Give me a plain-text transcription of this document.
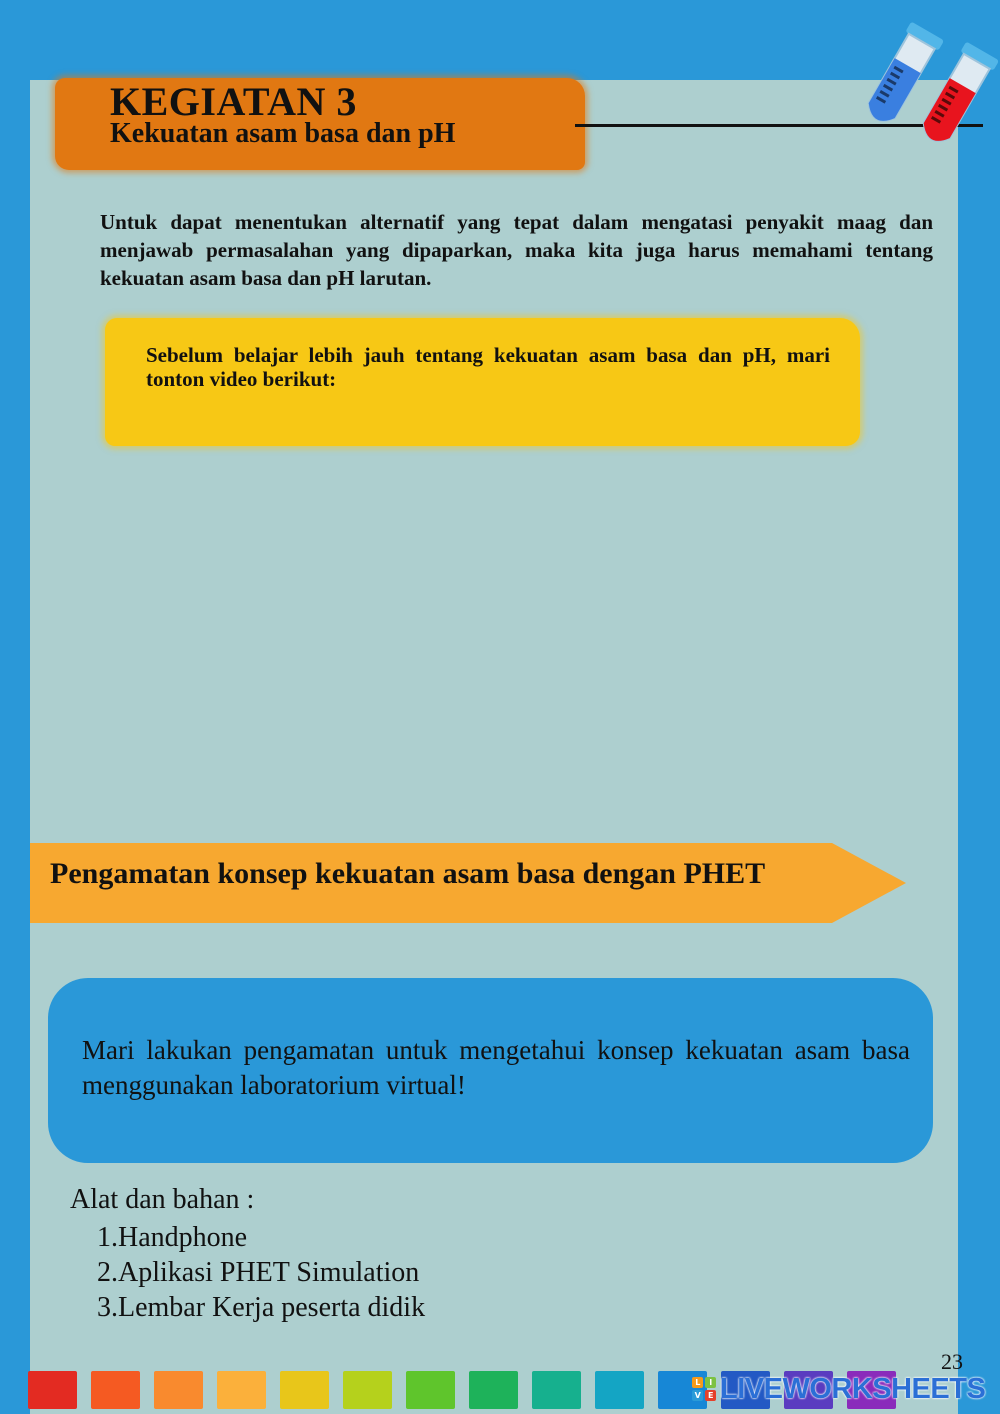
KEGIATAN 3
Kekuatan asam basa dan pH

Untuk dapat menentukan alternatif yang tepat dalam mengatasi penyakit maag dan menjawab permasalahan yang dipaparkan, maka kita juga harus memahami tentang kekuatan asam basa dan pH larutan.

Sebelum belajar lebih jauh tentang kekuatan asam basa dan pH, mari tonton video berikut:

Pengamatan konsep kekuatan asam basa dengan PHET

Mari lakukan pengamatan untuk mengetahui konsep kekuatan asam basa menggunakan laboratorium virtual!

Alat dan bahan :

1. Handphone
2. Aplikasi PHET Simulation
3. Lembar Kerja peserta didik

23

L	I
V E LIVEWORKSHEETS
